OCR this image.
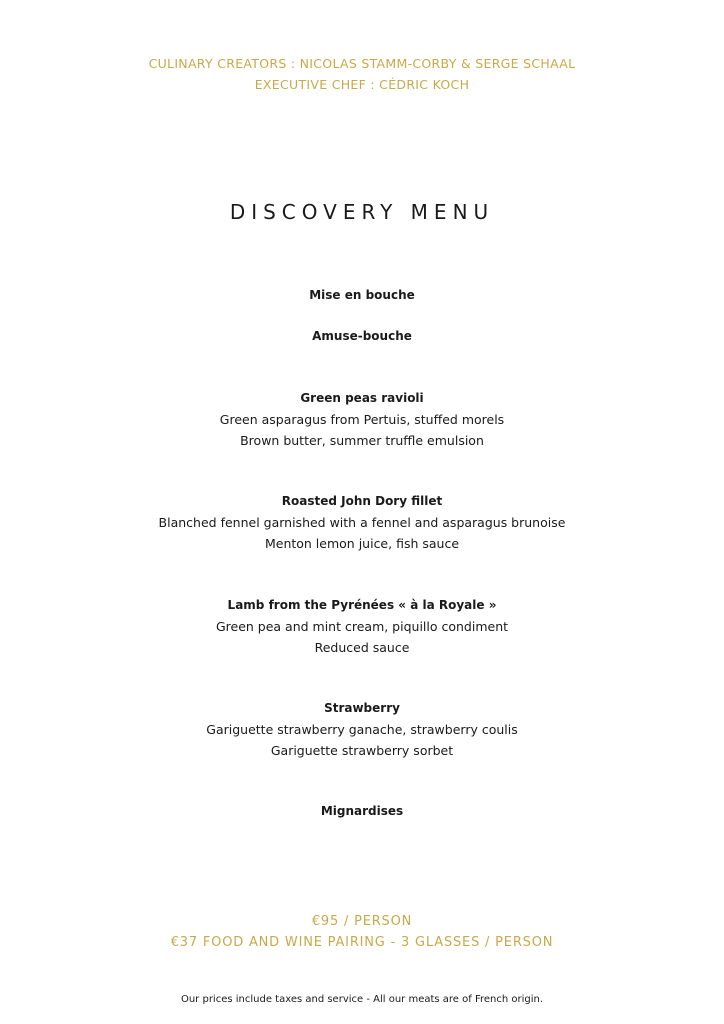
CULINARY CREATORS : NICOLAS STAMM-CORBY & SERGE SCHAAL
EXECUTIVE CHEF : CÉDRIC KOCH
DISCOVERY MENU
Mise en bouche
Amuse-bouche
Green peas ravioli
Green asparagus from Pertuis, stuffed morels
Brown butter, summer truffle emulsion
Roasted John Dory fillet
Blanched fennel garnished with a fennel and asparagus brunoise
Menton lemon juice, fish sauce
Lamb from the Pyrénées « à la Royale »
Green pea and mint cream, piquillo condiment
Reduced sauce
Strawberry
Gariguette strawberry ganache, strawberry coulis
Gariguette strawberry sorbet
Mignardises
€95 / PERSON
€37 FOOD AND WINE PAIRING - 3 GLASSES / PERSON
Our prices include taxes and service - All our meats are of French origin.
